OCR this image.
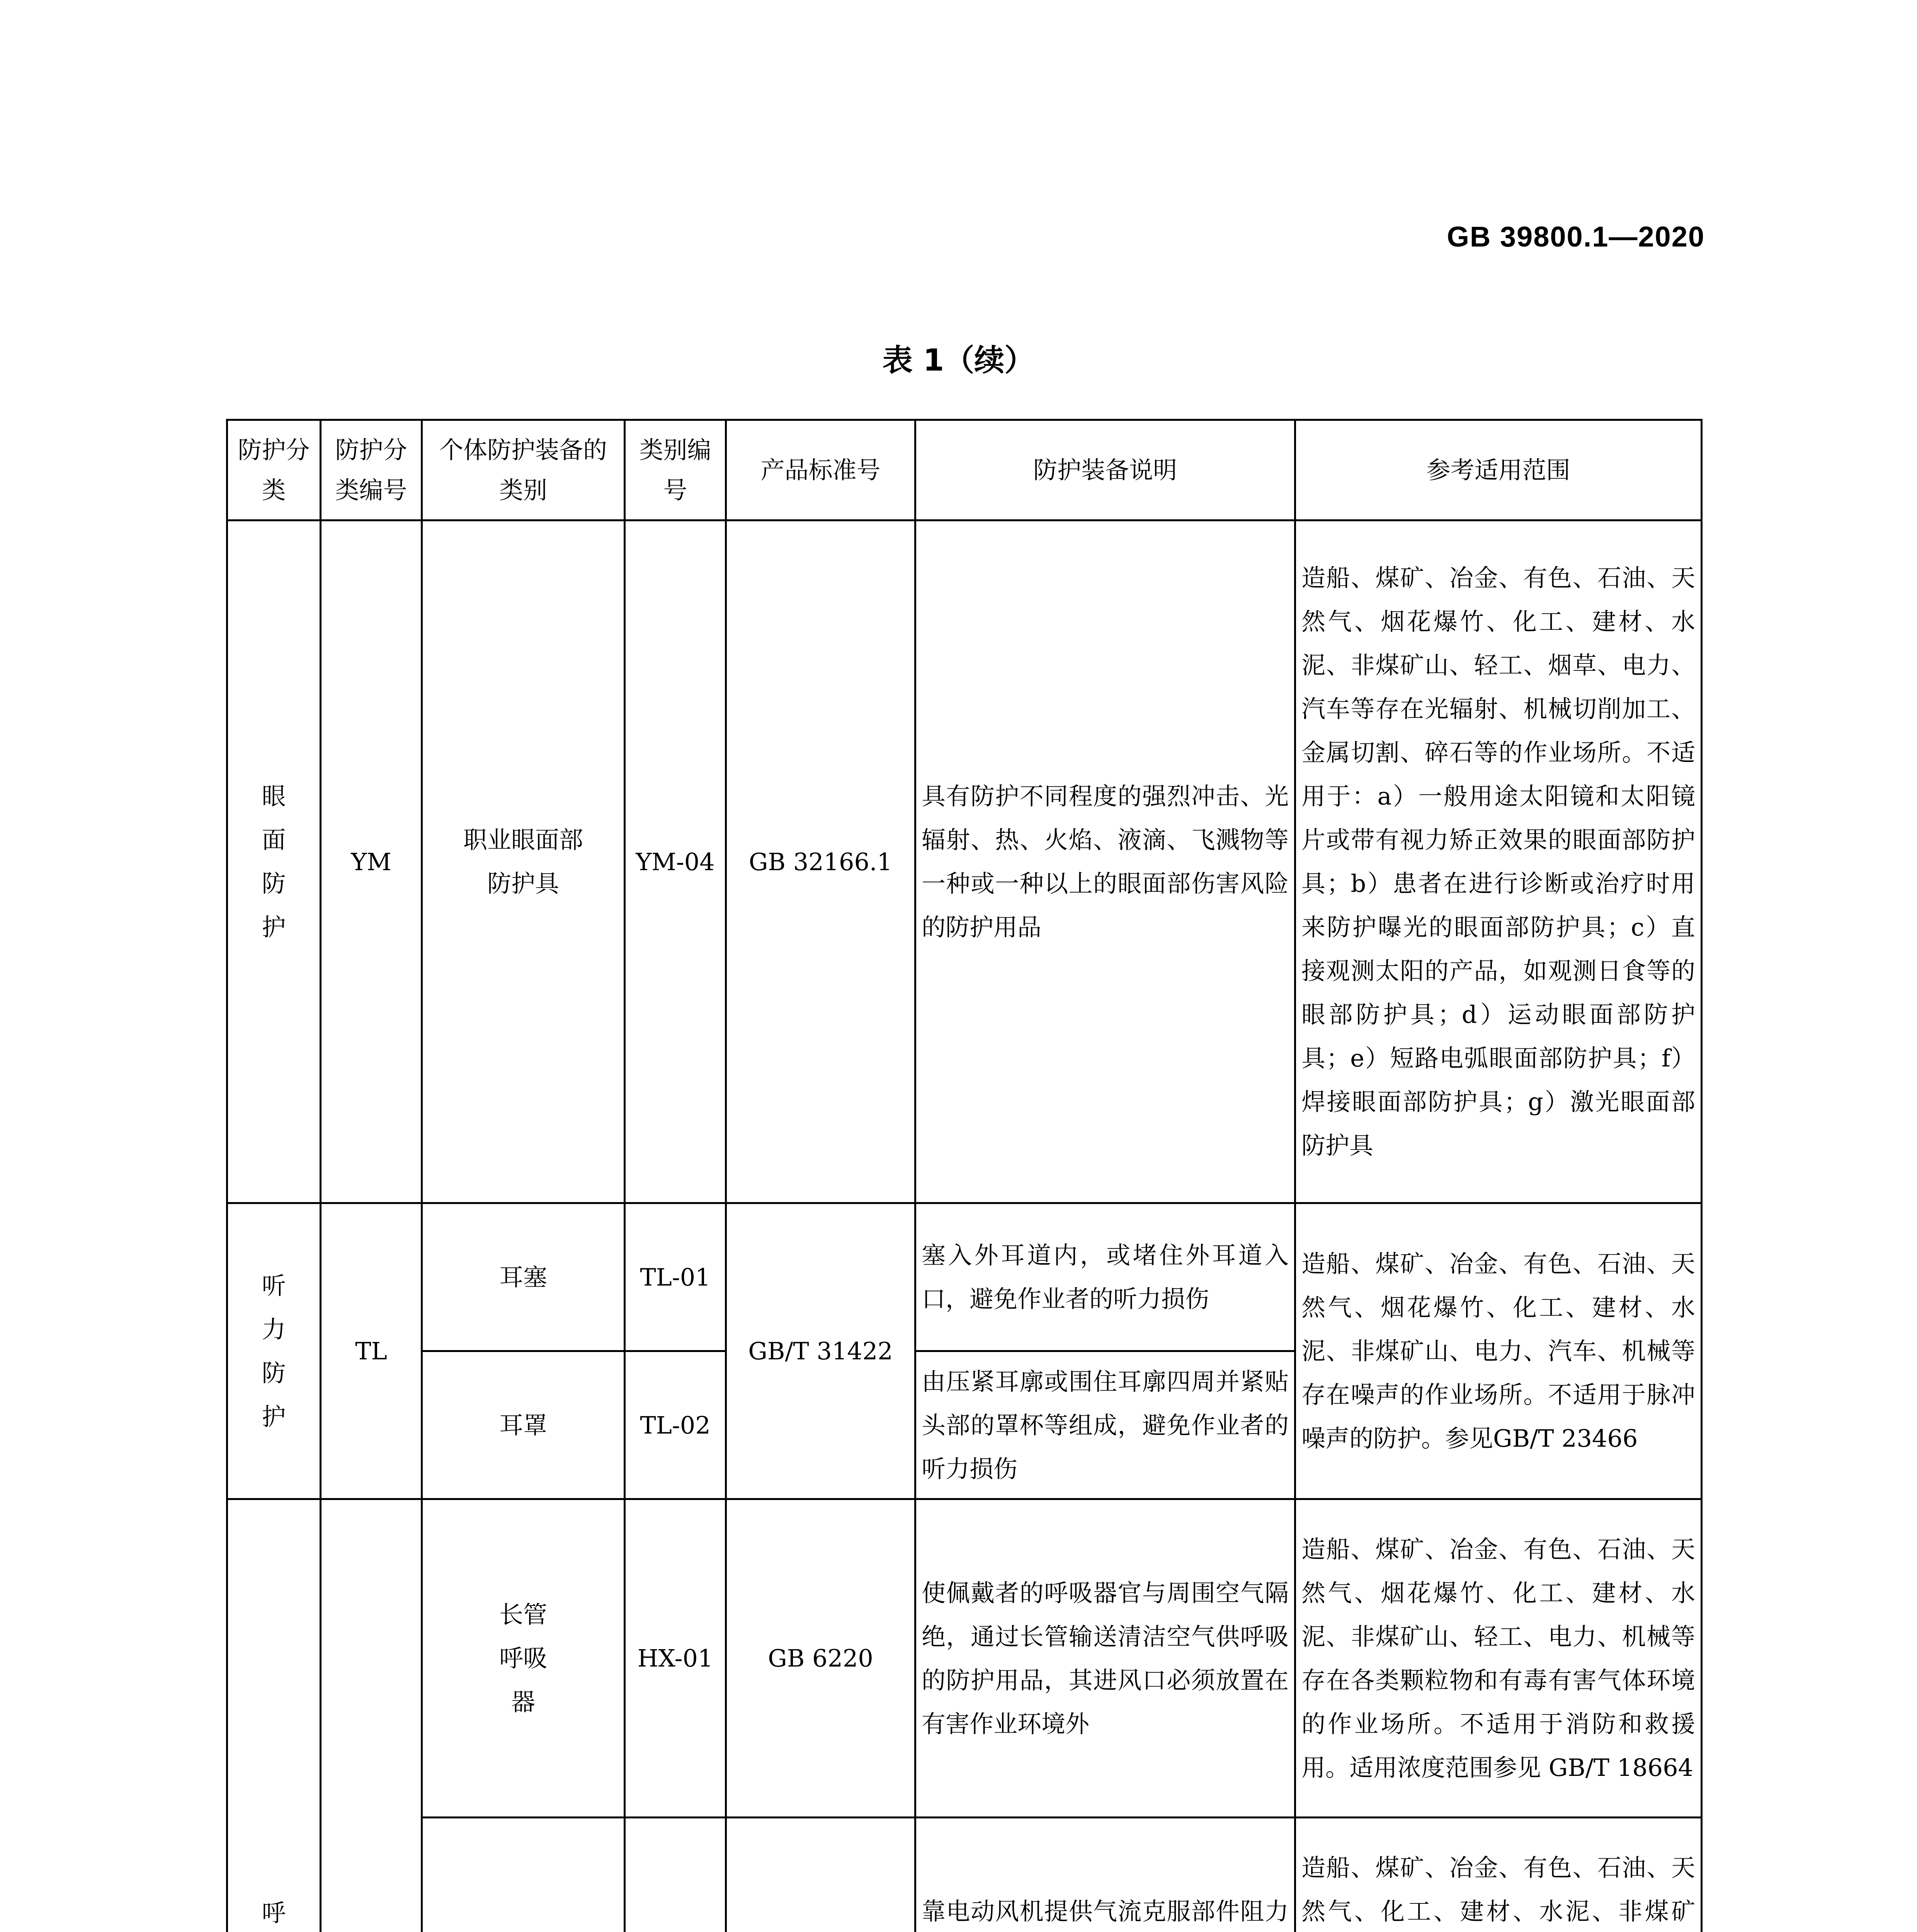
GB 39800.1—2020
表 1（续）
防护分类	防护分类编号	个体防护装备的类别	类别编号	产品标准号	防护装备说明	参考适用范围

眼面防护	YM	职业眼面部防护具	YM-04	GB 32166.1	具有防护不同程度的强烈冲击、光辐射、热、火焰、液滴、飞溅物等一种或一种以上的眼面部伤害风险的防护用品	造船、煤矿、冶金、有色、石油、天然气、烟花爆竹、化工、建材、水泥、非煤矿山、轻工、烟草、电力、汽车等存在光辐射、机械切削加工、金属切割、碎石等的作业场所。不适用于：a）一般用途太阳镜和太阳镜片或带有视力矫正效果的眼面部防护具；b）患者在进行诊断或治疗时用来防护曝光的眼面部防护具；c）直接观测太阳的产品，如观测日食等的眼部防护具；d）运动眼面部防护具；e）短路电弧眼面部防护具；f）焊接眼面部防护具；g）激光眼面部防护具

听力防护	TL	耳塞	TL-01	GB/T 31422	塞入外耳道内，或堵住外耳道入口，避免作业者的听力损伤	造船、煤矿、冶金、有色、石油、天然气、烟花爆竹、化工、建材、水泥、非煤矿山、电力、汽车、机械等存在噪声的作业场所。不适用于脉冲噪声的防护。参见GB/T 23466
		耳罩	TL-02		由压紧耳廓或围住耳廓四周并紧贴头部的罩杯等组成，避免作业者的听力损伤	

呼		长管呼吸器	HX-01	GB 6220	使佩戴者的呼吸器官与周围空气隔绝，通过长管输送清洁空气供呼吸的防护用品，其进风口必须放置在有害作业环境外	造船、煤矿、冶金、有色、石油、天然气、烟花爆竹、化工、建材、水泥、非煤矿山、轻工、电力、机械等存在各类颗粒物和有毒有害气体环境的作业场所。不适用于消防和救援用。适用浓度范围参见 GB/T 18664
			靠电动风机提供气流克服部件阻力	造船、煤矿、冶金、有色、石油、天然气、化工、建材、水泥、非煤矿
